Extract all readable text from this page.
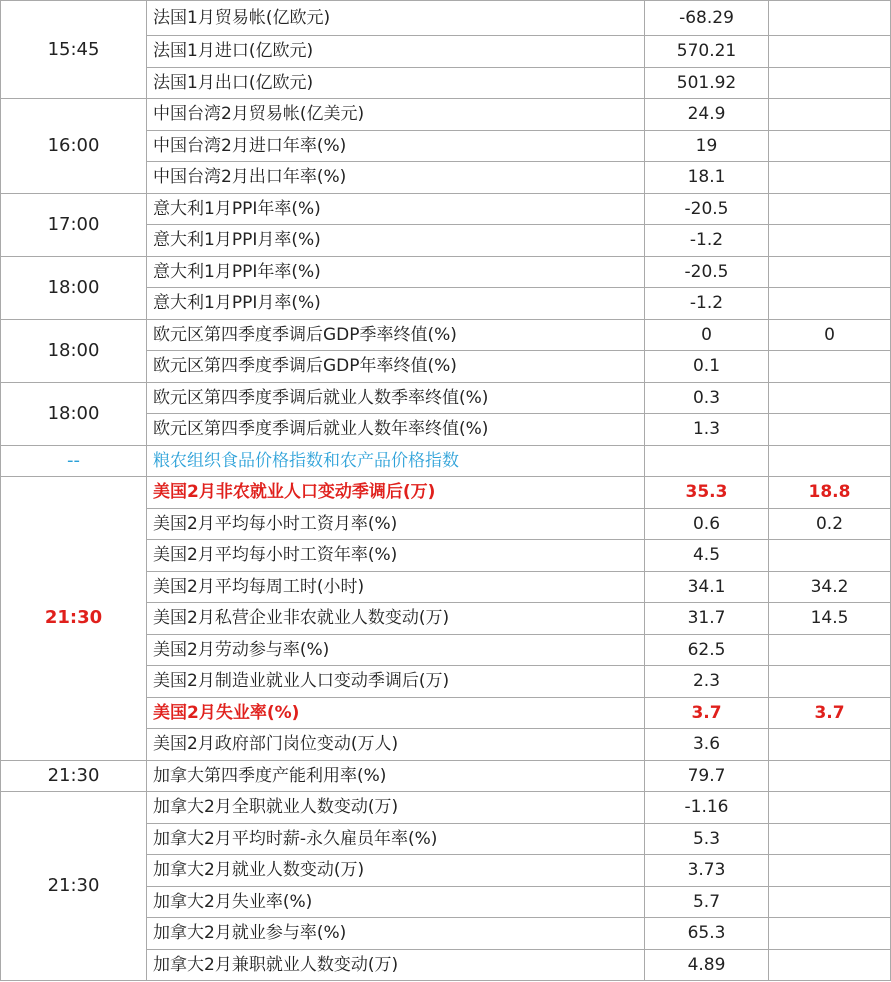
15:45	法国1月贸易帐(亿欧元)	-68.29	
	法国1月进口(亿欧元)	570.21	
	法国1月出口(亿欧元)	501.92	
16:00	中国台湾2月贸易帐(亿美元)	24.9	
	中国台湾2月进口年率(%)	19	
	中国台湾2月出口年率(%)	18.1	
17:00	意大利1月PPI年率(%)	-20.5	
	意大利1月PPI月率(%)	-1.2	
18:00	意大利1月PPI年率(%)	-20.5	
	意大利1月PPI月率(%)	-1.2	
18:00	欧元区第四季度季调后GDP季率终值(%)	0	0
	欧元区第四季度季调后GDP年率终值(%)	0.1	
18:00	欧元区第四季度季调后就业人数季率终值(%)	0.3	
	欧元区第四季度季调后就业人数年率终值(%)	1.3	
--	粮农组织食品价格指数和农产品价格指数		
21:30	美国2月非农就业人口变动季调后(万)	35.3	18.8
	美国2月平均每小时工资月率(%)	0.6	0.2
	美国2月平均每小时工资年率(%)	4.5	
	美国2月平均每周工时(小时)	34.1	34.2
	美国2月私营企业非农就业人数变动(万)	31.7	14.5
	美国2月劳动参与率(%)	62.5	
	美国2月制造业就业人口变动季调后(万)	2.3	
	美国2月失业率(%)	3.7	3.7
	美国2月政府部门岗位变动(万人)	3.6	
21:30	加拿大第四季度产能利用率(%)	79.7	
21:30	加拿大2月全职就业人数变动(万)	-1.16	
	加拿大2月平均时薪-永久雇员年率(%)	5.3	
	加拿大2月就业人数变动(万)	3.73	
	加拿大2月失业率(%)	5.7	
	加拿大2月就业参与率(%)	65.3	
	加拿大2月兼职就业人数变动(万)	4.89	
